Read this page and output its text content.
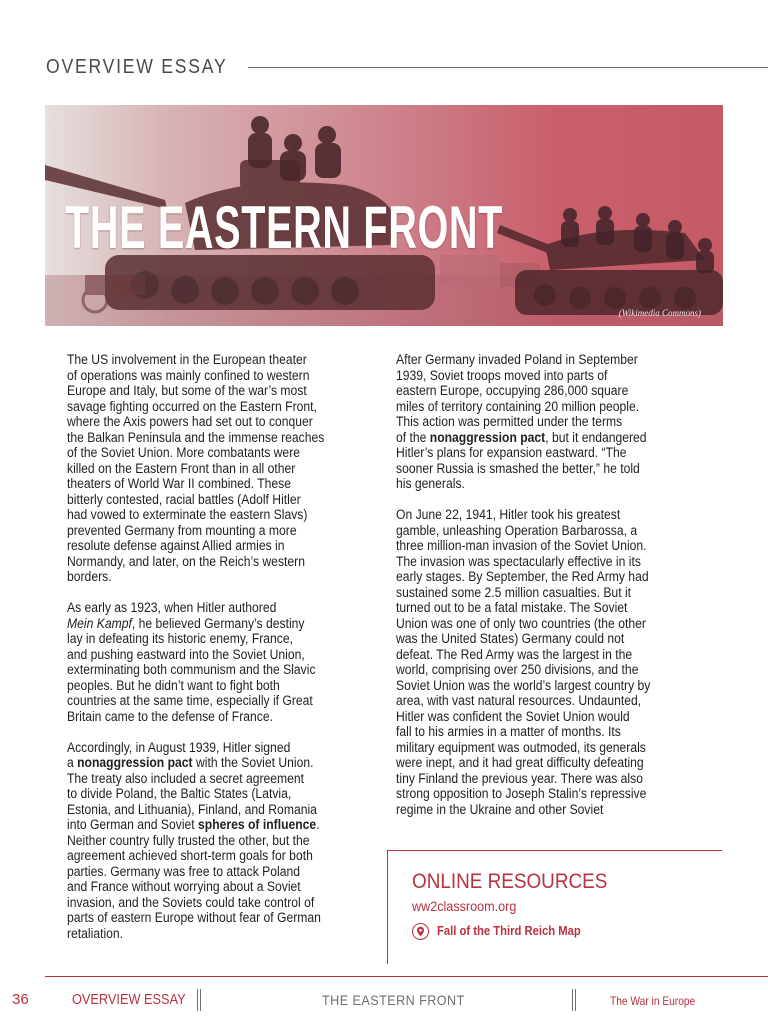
OVERVIEW ESSAY
THE EASTERN FRONT
(Wikimedia Commons)

The US involvement in the European theater
of operations was mainly confined to western
Europe and Italy, but some of the war’s most
savage fighting occurred on the Eastern Front,
where the Axis powers had set out to conquer
the Balkan Peninsula and the immense reaches
of the Soviet Union. More combatants were
killed on the Eastern Front than in all other
theaters of World War II combined. These
bitterly contested, racial battles (Adolf Hitler
had vowed to exterminate the eastern Slavs)
prevented Germany from mounting a more
resolute defense against Allied armies in
Normandy, and later, on the Reich’s western
borders.

As early as 1923, when Hitler authored
Mein Kampf, he believed Germany’s destiny
lay in defeating its historic enemy, France,
and pushing eastward into the Soviet Union,
exterminating both communism and the Slavic
peoples. But he didn’t want to fight both
countries at the same time, especially if Great
Britain came to the defense of France.

Accordingly, in August 1939, Hitler signed
a nonaggression pact with the Soviet Union.
The treaty also included a secret agreement
to divide Poland, the Baltic States (Latvia,
Estonia, and Lithuania), Finland, and Romania
into German and Soviet spheres of influence.
Neither country fully trusted the other, but the
agreement achieved short-term goals for both
parties. Germany was free to attack Poland
and France without worrying about a Soviet
invasion, and the Soviets could take control of
parts of eastern Europe without fear of German
retaliation.

After Germany invaded Poland in September
1939, Soviet troops moved into parts of
eastern Europe, occupying 286,000 square
miles of territory containing 20 million people.
This action was permitted under the terms
of the nonaggression pact, but it endangered
Hitler’s plans for expansion eastward. “The
sooner Russia is smashed the better,” he told
his generals.

On June 22, 1941, Hitler took his greatest
gamble, unleashing Operation Barbarossa, a
three million-man invasion of the Soviet Union.
The invasion was spectacularly effective in its
early stages. By September, the Red Army had
sustained some 2.5 million casualties. But it
turned out to be a fatal mistake. The Soviet
Union was one of only two countries (the other
was the United States) Germany could not
defeat. The Red Army was the largest in the
world, comprising over 250 divisions, and the
Soviet Union was the world’s largest country by
area, with vast natural resources. Undaunted,
Hitler was confident the Soviet Union would
fall to his armies in a matter of months. Its
military equipment was outmoded, its generals
were inept, and it had great difficulty defeating
tiny Finland the previous year. There was also
strong opposition to Joseph Stalin’s repressive
regime in the Ukraine and other Soviet

ONLINE RESOURCES
ww2classroom.org
Fall of the Third Reich Map
36	OVERVIEW ESSAY	THE EASTERN FRONT	The War in Europe
